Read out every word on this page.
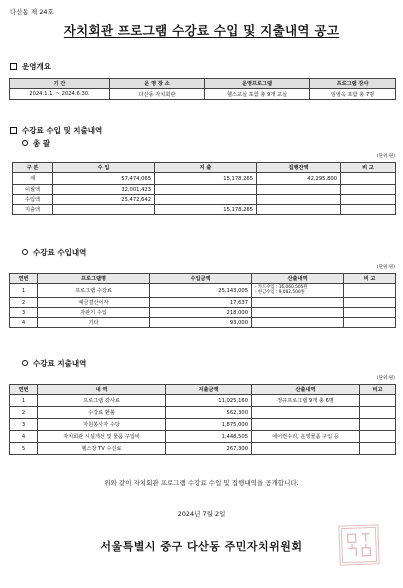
다산동 제 24호
자치회관 프로그램 수강료 수입 및 지출내역 공고
운영개요
기 간	운 영 장 소	운영프로그램	프로그램 강사
2024.1.1. ~ 2024.6.30.	다산동 자치회관	헬스교실 포함 총 9개 교실	임영옥 포함 총 7명
수강료 수입 및 지출내역
총 괄
(단위:원)
구 분	수 입	지 출	집행잔액	비 고
계	57,474,065	15,178,265	42,295,800	
이월액	32,001,423			
수입액	25,472,642			
지출액		15,178,265		
수강료 수입내역
(단위:원)
연번	프로그램명	수입금액	산출내역	비 고
1	프로그램 수강료	25,143,005	- 카드수입 : 16,060,505원
- 현금수입 : 9,082,500원	

2	예금결산이자	17,637		
3	자판기 수입	218,000		
4	기타	93,000		
수강료 지출내역
(단위:원)
연번	내 역	지출금액	산출내역	비고
1	프로그램 강사료	11,025,160	정규프로그램 9개 총 6명	
2	수강료 환불	562,300		
3	자원봉사자 수당	1,875,000		
4	자치회관 시설개선 및 물품 구입비	1,448,505	에어컨수리, 운영물품 구입 등	
5	헬스장 TV 수신료	267,300		
위와 같이 자치회관 프로그램 수강료 수입 및 집행내역을 공개합니다.
2024년 7월 2일
서울특별시 중구 다산동 주민자치위원회
